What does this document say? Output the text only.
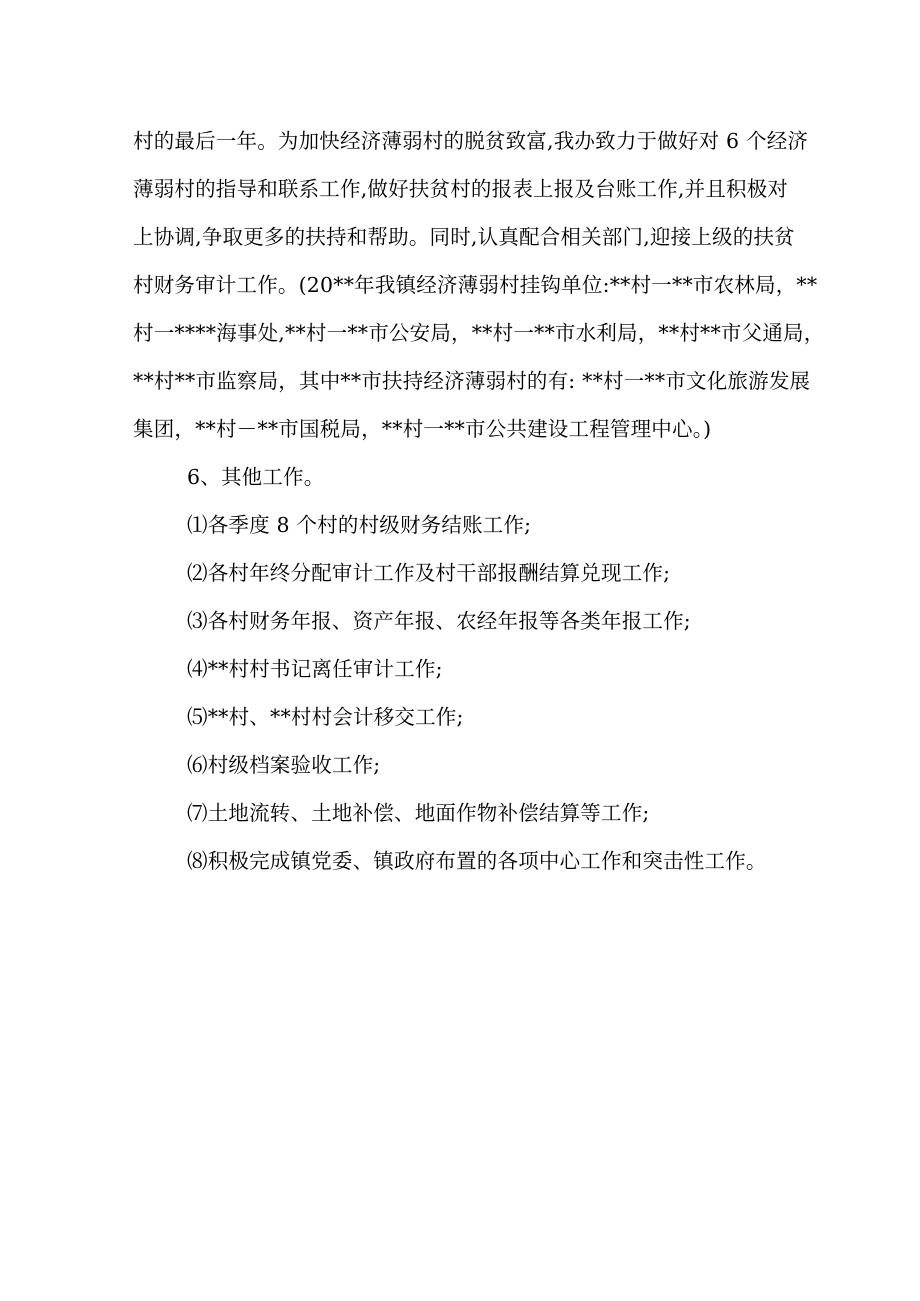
村的最后一年。为加快经济薄弱村的脱贫致富,我办致力于做好对 6 个经济
薄弱村的指导和联系工作,做好扶贫村的报表上报及台账工作,并且积极对
上协调,争取更多的扶持和帮助。同时,认真配合相关部门,迎接上级的扶贫
村财务审计工作。(20**年我镇经济薄弱村挂钩单位:**村一**市农林局，**
村一****海事处,**村一**市公安局，**村一**市水利局，**村**市父通局，
**村**市监察局，其中**市扶持经济薄弱村的有: **村一**市文化旅游发展
集团，**村－**市国税局，**村一**市公共建设工程管理中心。)
6、其他工作。
⑴各季度 8 个村的村级财务结账工作;
⑵各村年终分配审计工作及村干部报酬结算兑现工作;
⑶各村财务年报、资产年报、农经年报等各类年报工作;
⑷**村村书记离任审计工作;
⑸**村、**村村会计移交工作;
⑹村级档案验收工作;
⑺土地流转、土地补偿、地面作物补偿结算等工作;
⑻积极完成镇党委、镇政府布置的各项中心工作和突击性工作。
